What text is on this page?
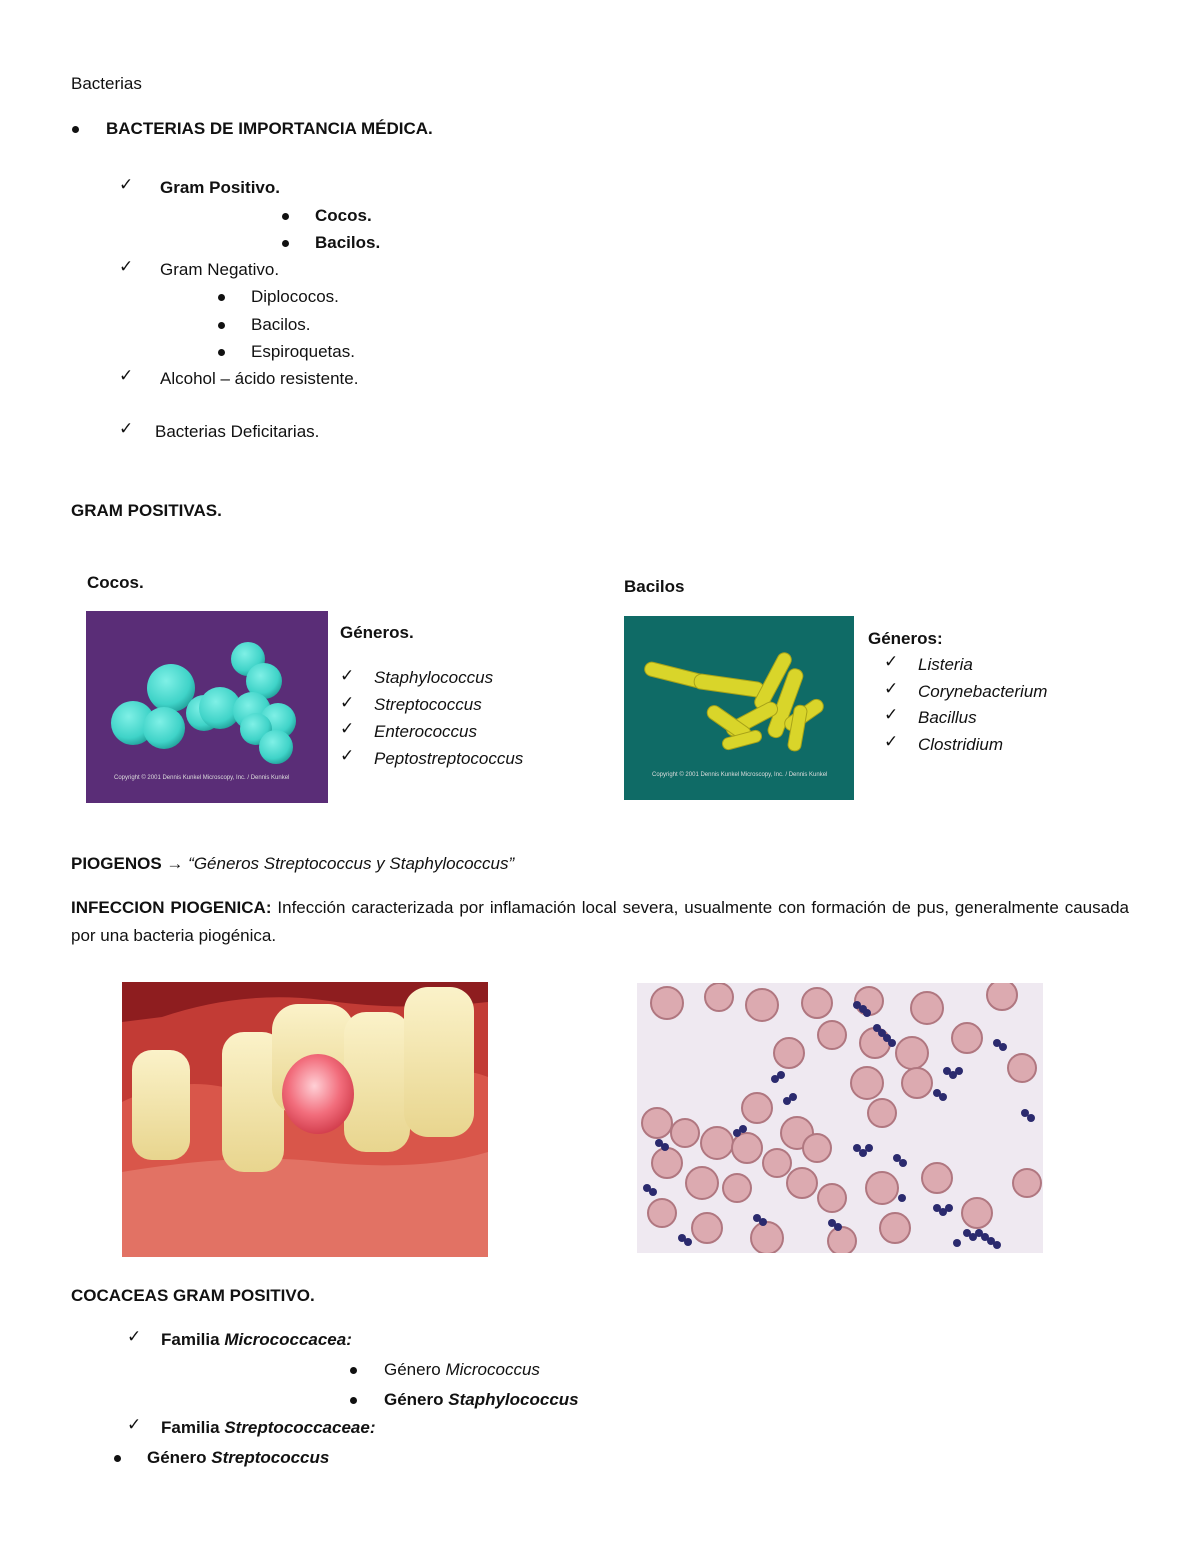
Bacterias
BACTERIAS DE IMPORTANCIA MÉDICA.
✓ Gram Positivo.
Cocos.
Bacilos.
✓ Gram Negativo.
Diplococos.
Bacilos.
Espiroquetas.
✓ Alcohol – ácido resistente.
✓ Bacterias Deficitarias.
GRAM POSITIVAS.
Cocos.
Copyright © 2001 Dennis Kunkel Microscopy, Inc. / Dennis Kunkel
Géneros.
✓ Staphylococcus
✓ Streptococcus
✓ Enterococcus
✓ Peptostreptococcus
Bacilos
Copyright © 2001 Dennis Kunkel Microscopy, Inc. / Dennis Kunkel
Géneros:
✓ Listeria
✓ Corynebacterium
✓ Bacillus
✓ Clostridium
PIOGENOS → “Géneros Streptococcus y Staphylococcus”
INFECCION PIOGENICA: Infección caracterizada por inflamación local severa, usualmente con formación de pus, generalmente causada por una bacteria piogénica.
COCACEAS GRAM POSITIVO.
✓ Familia Micrococcacea:
Género Micrococcus
Género Staphylococcus
✓ Familia Streptococcaceae:
Género Streptococcus
